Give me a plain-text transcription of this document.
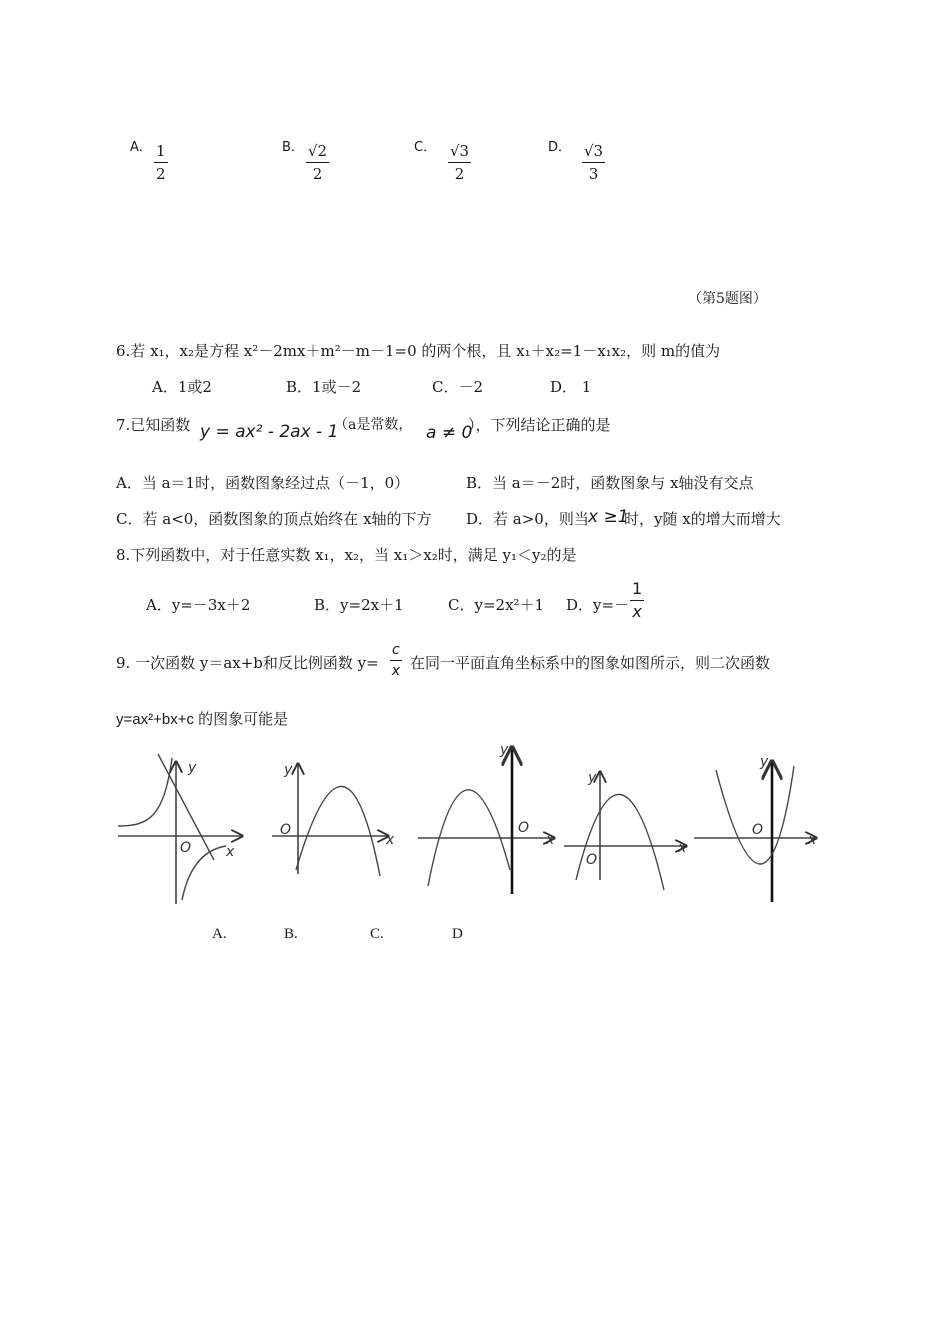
A． $\frac{1}{2}$	B． $\frac{√2}{2}$	C． $\frac{√3}{2}$	D． $\frac{√3}{3}$
（第5题图）
6.若 x₁，x₂是方程 x²－2mx＋m²－m－1=0 的两个根，且 x₁＋x₂=1－x₁x₂，则 m的值为
A．1或2	B．1或－2	C．－2	D． 1
7.已知函数 y = ax² - 2ax - 1
（a是常数， a ≠ 0
），下列结论正确的是
A．当 a＝1时，函数图象经过点（－1，0）	B．当 a＝－2时，函数图象与 x轴没有交点
C．若 a<0，函数图象的顶点始终在 x轴的下方 D．若 a>0，则当 x ≥1
时，y随 x的增大而增大
8.下列函数中，对于任意实数 x₁，x₂，当 x₁＞x₂时，满足 y₁＜y₂的是
A．y=－3x＋2	B．y=2x＋1	C．y=2x²＋1 D．$y=- \frac{1}{x}$
9. 一次函数 y＝ax+b和反比例函数 $y= \frac{c}{x}$ 在同一平面直角坐标系中的图象如图所示，则二次函数
y=ax²+bx+c 的图象可能是
y
x
O
y
x
O
y
x
O
y
x
O
y
x
O
A.	B.	C.	D
